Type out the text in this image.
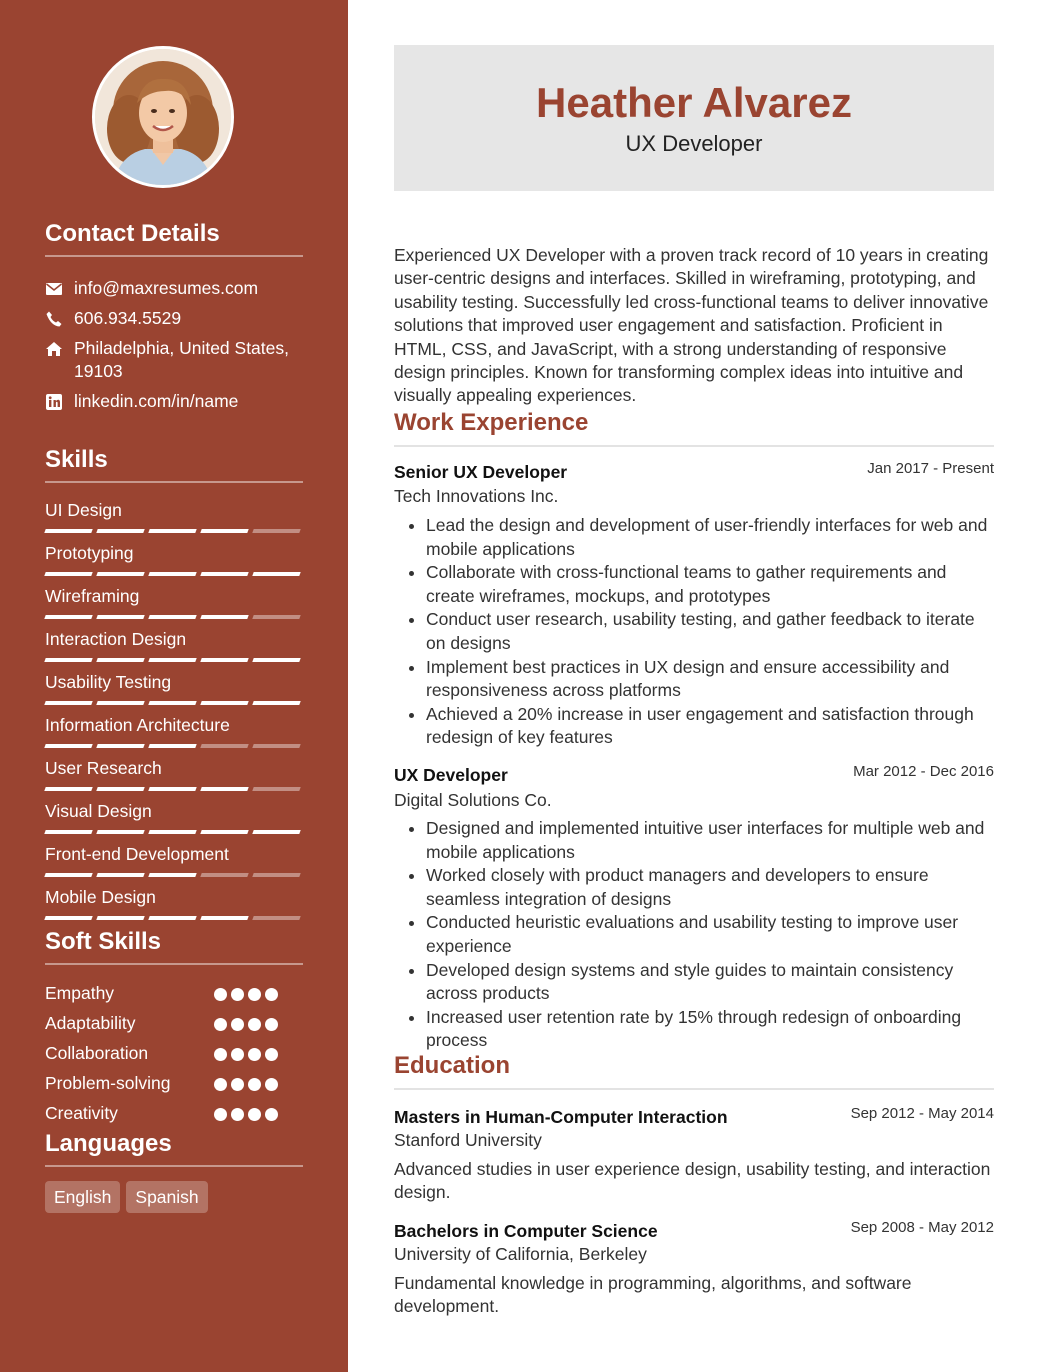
Contact Details
info@maxresumes.com
606.934.5529
Philadelphia, United States,
19103
linkedin.com/in/name
Skills
UI Design
Prototyping
Wireframing
Interaction Design
Usability Testing
Information Architecture
User Research
Visual Design
Front-end Development
Mobile Design
Soft Skills
Empathy
Adaptability
Collaboration
Problem-solving
Creativity
Languages
English	Spanish
Heather Alvarez
UX Developer
Experienced UX Developer with a proven track record of 10 years in creating user-centric designs and interfaces. Skilled in wireframing, prototyping, and usability testing. Successfully led cross-functional teams to deliver innovative solutions that improved user engagement and satisfaction. Proficient in HTML, CSS, and JavaScript, with a strong understanding of responsive design principles. Known for transforming complex ideas into intuitive and visually appealing experiences.
Work Experience
Senior UX Developer	Jan 2017 - Present
Tech Innovations Inc.
• Lead the design and development of user-friendly interfaces for web and mobile applications
• Collaborate with cross-functional teams to gather requirements and create wireframes, mockups, and prototypes
• Conduct user research, usability testing, and gather feedback to iterate on designs
• Implement best practices in UX design and ensure accessibility and responsiveness across platforms
• Achieved a 20% increase in user engagement and satisfaction through redesign of key features
UX Developer	Mar 2012 - Dec 2016
Digital Solutions Co.
• Designed and implemented intuitive user interfaces for multiple web and mobile applications
• Worked closely with product managers and developers to ensure seamless integration of designs
• Conducted heuristic evaluations and usability testing to improve user experience
• Developed design systems and style guides to maintain consistency across products
• Increased user retention rate by 15% through redesign of onboarding process
Education
Masters in Human-Computer Interaction	Sep 2012 - May 2014
Stanford University
Advanced studies in user experience design, usability testing, and interaction design.
Bachelors in Computer Science	Sep 2008 - May 2012
University of California, Berkeley
Fundamental knowledge in programming, algorithms, and software development.
